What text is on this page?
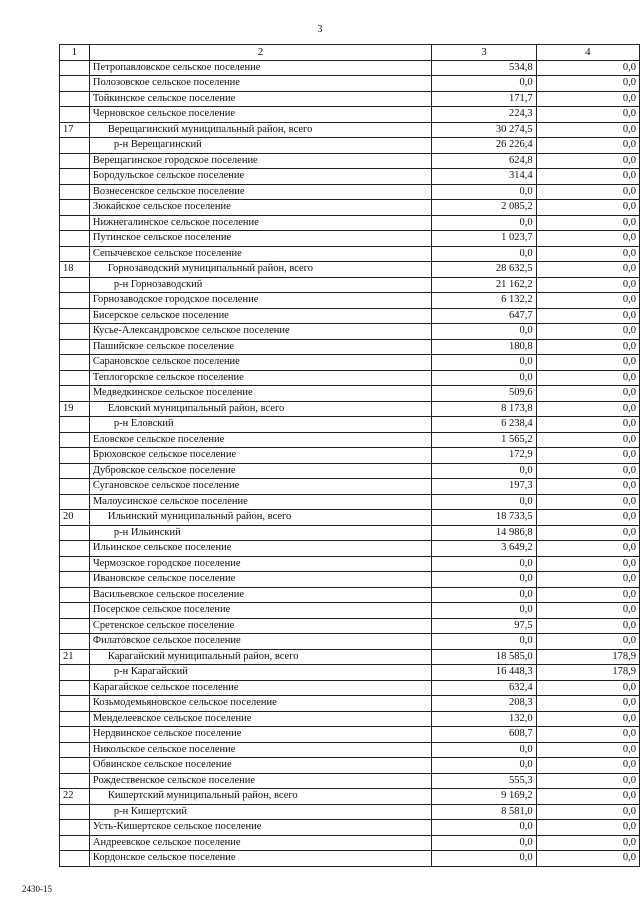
3
1	2	3	4
	Петропавловское сельское поселение	534,8	0,0
	Полозовское сельское поселение	0,0	0,0
	Тойкинское сельское поселение	171,7	0,0
	Черновское сельское поселение	224,3	0,0
17	Верещагинский муниципальный район, всего	30 274,5	0,0
	р-н Верещагинский	26 226,4	0,0
	Верещагинское городское поселение	624,8	0,0
	Бородульское сельское поселение	314,4	0,0
	Вознесенское сельское поселение	0,0	0,0
	Зюкайское сельское поселение	2 085,2	0,0
	Нижнегалинское сельское поселение	0,0	0,0
	Путинское сельское поселение	1 023,7	0,0
	Сепычевское сельское поселение	0,0	0,0
18	Горнозаводский муниципальный район, всего	28 632,5	0,0
	р-н Горнозаводский	21 162,2	0,0
	Горнозаводское городское поселение	6 132,2	0,0
	Бисерское сельское поселение	647,7	0,0
	Кусье-Александровское сельское поселение	0,0	0,0
	Пашийское сельское поселение	180,8	0,0
	Сарановское сельское поселение	0,0	0,0
	Теплогорское сельское поселение	0,0	0,0
	Медведкинское сельское поселение	509,6	0,0
19	Еловский муниципальный район, всего	8 173,8	0,0
	р-н Еловский	6 238,4	0,0
	Еловское сельское поселение	1 565,2	0,0
	Брюховское сельское поселение	172,9	0,0
	Дубровское сельское поселение	0,0	0,0
	Сугановское сельское поселение	197,3	0,0
	Малоусинское сельское поселение	0,0	0,0
20	Ильинский муниципальный район, всего	18 733,5	0,0
	р-н Ильинский	14 986,8	0,0
	Ильинское сельское поселение	3 649,2	0,0
	Чермозское городское поселение	0,0	0,0
	Ивановское сельское поселение	0,0	0,0
	Васильевское сельское поселение	0,0	0,0
	Посерское сельское поселение	0,0	0,0
	Сретенское сельское поселение	97,5	0,0
	Филатовское сельское поселение	0,0	0,0
21	Карагайский муниципальный район, всего	18 585,0	178,9
	р-н Карагайский	16 448,3	178,9
	Карагайское сельское поселение	632,4	0,0
	Козьмодемьяновское сельское поселение	208,3	0,0
	Менделеевское сельское поселение	132,0	0,0
	Нердвинское сельское поселение	608,7	0,0
	Никольское сельское поселение	0,0	0,0
	Обвинское сельское поселение	0,0	0,0
	Рождественское сельское поселение	555,3	0,0
22	Кишертский муниципальный район, всего	9 169,2	0,0
	р-н Кишертский	8 581,0	0,0
	Усть-Кишертское сельское поселение	0,0	0,0
	Андреевское сельское поселение	0,0	0,0
	Кордонское сельское поселение	0,0	0,0
2430-15
